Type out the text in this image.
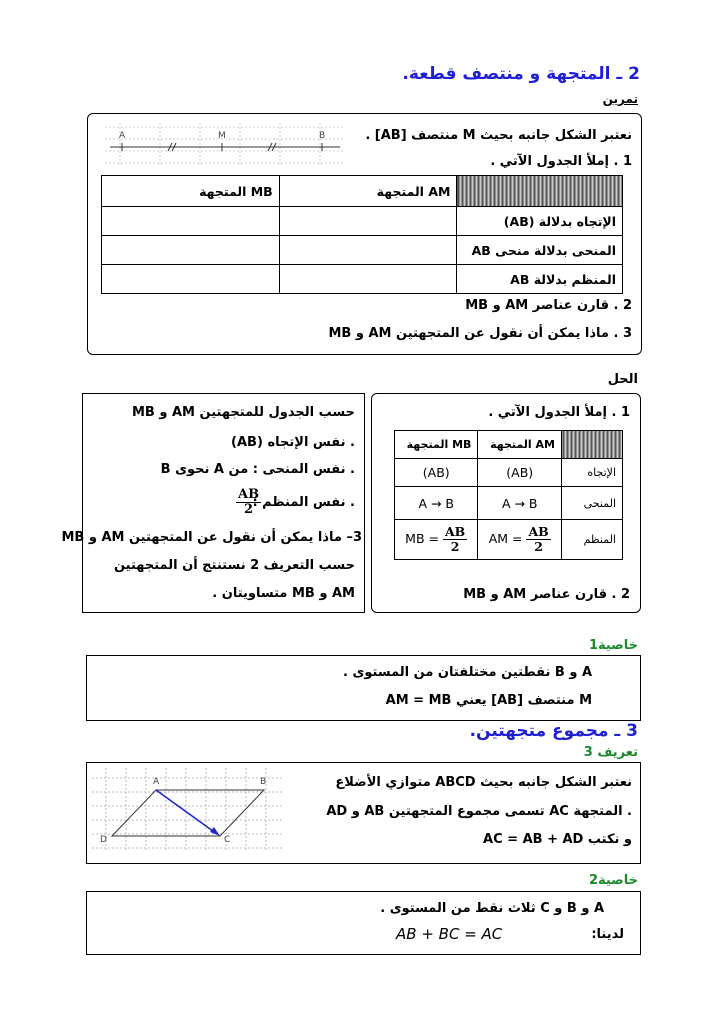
2 ـ المتجهة و منتصف قطعة.
تمرين
A	M	B	نعتبر الشكل جانبه بحيث M منتصف [AB] .
1 . إملأ الجدول الآتي .
المتجهة MB	المتجهة AM	
		الإتجاه بدلالة (AB)
		المنحى بدلالة منحى AB
		المنظم بدلالة AB
2 . قارن عناصر AM و MB
3 . ماذا يمكن أن نقول عن المتجهتين AM و MB
الحل
1 . إملأ الجدول الآتي .
المتجهة MB	المتجهة AM	
(AB)	(AB)	الإتجاه
A → B	A → B	المنحى
MB = $\frac{AB}{2}$	AM = $\frac{AB}{2}$	المنظم
2 . قارن عناصر AM و MB
حسب الجدول للمتجهتين AM و MB
. نفس الإتجاه (AB)
. نفس المنحى : من A نحوى B
. نفس المنظم :
$\frac{AB}{2}$
3– ماذا يمكن أن نقول عن المتجهتين AM و MB
حسب التعريف 2 نستنتج أن المتجهتين
AM و MB متساويتان .
خاصية1
A و B نقطتين مختلفتان من المستوى .
M منتصف [AB] يعني AM = MB
3 ـ مجموع متجهتين.
تعريف 3
A	B
C
D
نعتبر الشكل جانبه بحيث ABCD متوازي الأضلاع
. المتجهة AC تسمى مجموع المتجهتين AB و AD
و نكتب AC = AB + AD
خاصية2
A و B و C ثلاث نقط من المستوى .
لدينا:
AB + BC = AC
